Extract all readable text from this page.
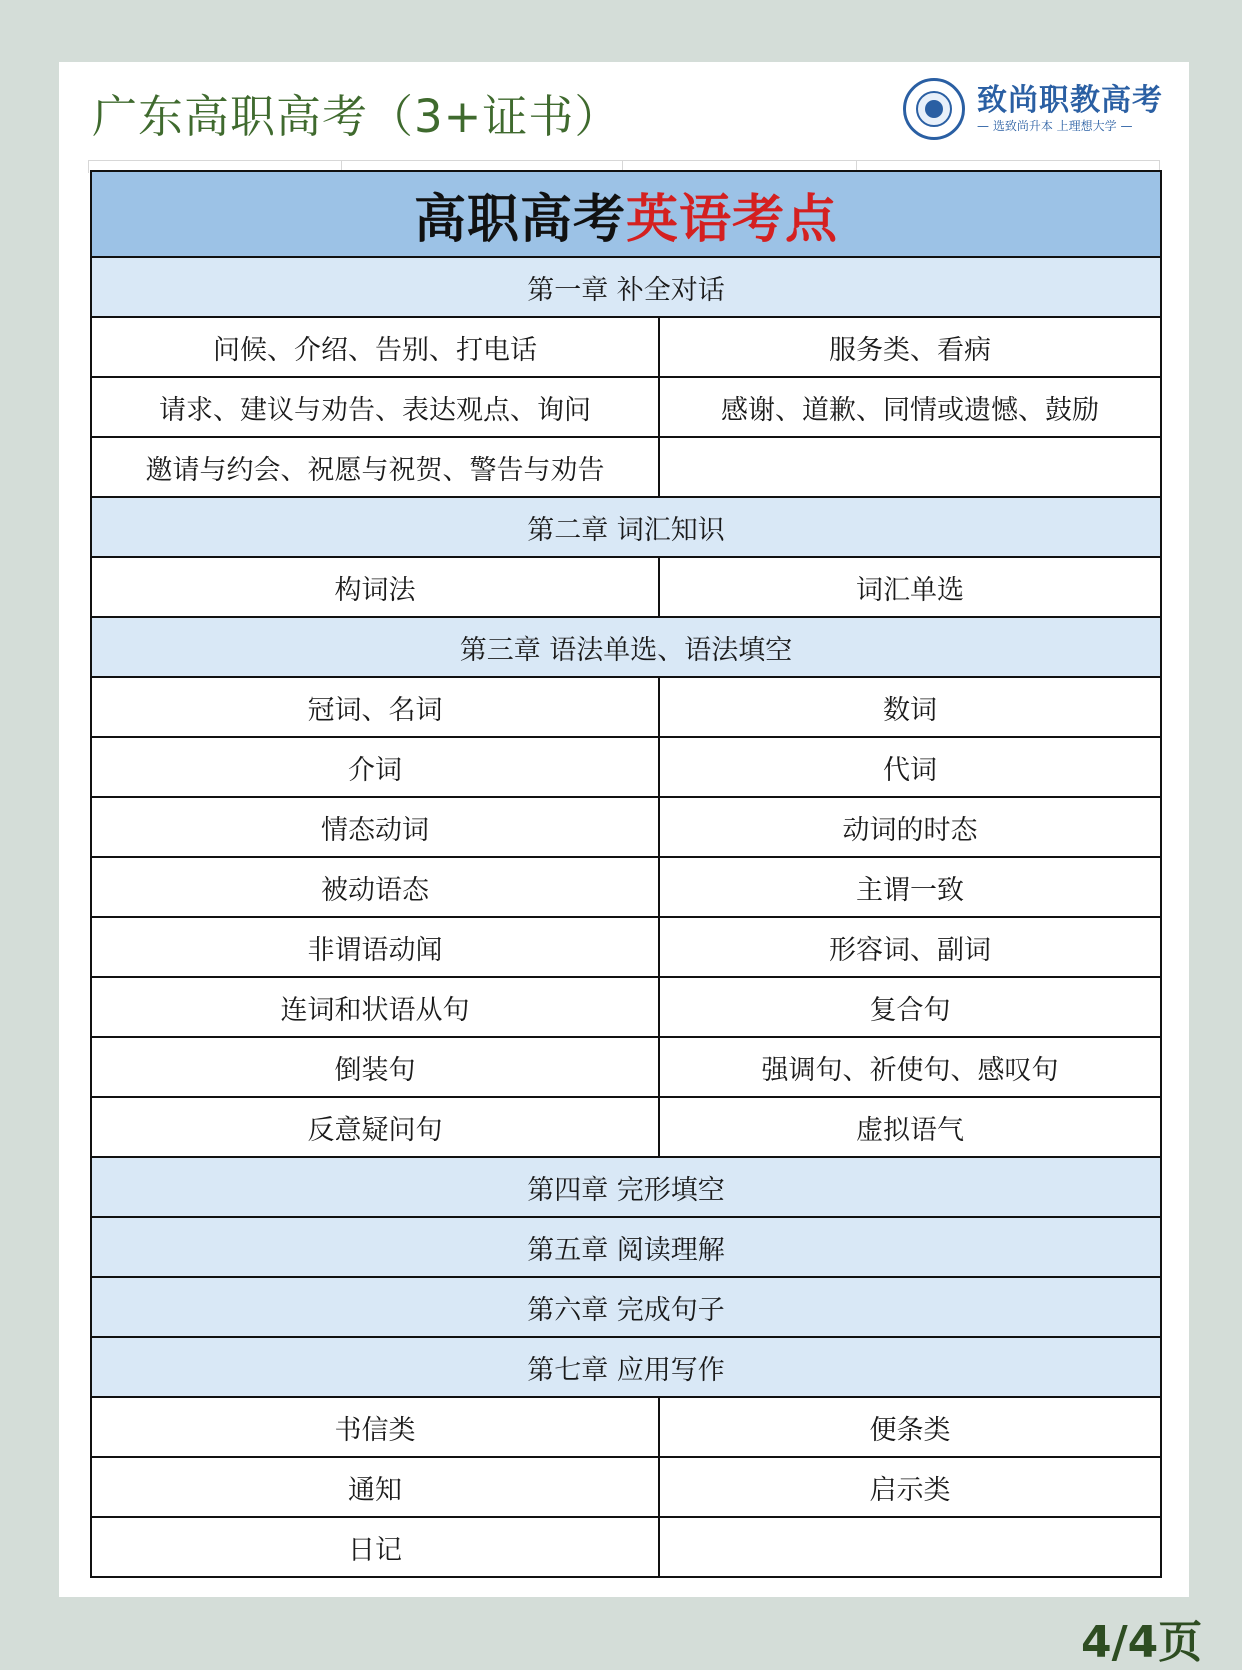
广东高职高考（3+证书）	致尚职教高考
— 选致尚升本 上理想大学 —
高职高考英语考点	
第一章 补全对话	
问候、介绍、告别、打电话	服务类、看病
请求、建议与劝告、表达观点、询问	感谢、道歉、同情或遗憾、鼓励
邀请与约会、祝愿与祝贺、警告与劝告	
第二章 词汇知识	
构词法	词汇单选
第三章 语法单选、语法填空	
冠词、名词	数词
介词	代词
情态动词	动词的时态
被动语态	主谓一致
非谓语动闻	形容词、副词
连词和状语从句	复合句
倒装句	强调句、祈使句、感叹句
反意疑问句	虚拟语气
第四章 完形填空	
第五章 阅读理解	
第六章 完成句子	
第七章 应用写作	
书信类	便条类
通知	启示类
日记	
4/4页
